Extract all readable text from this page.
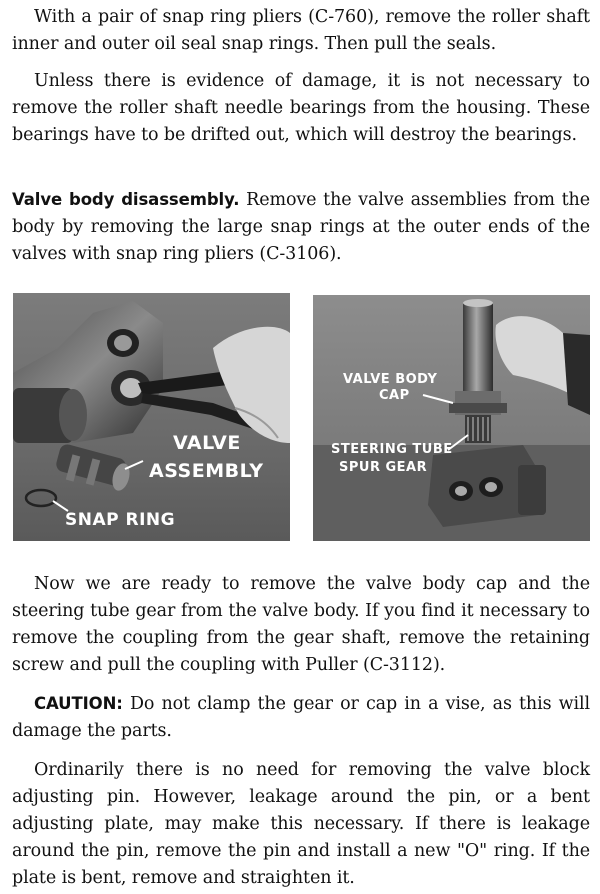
With a pair of snap ring pliers (C-760), remove the roller shaft inner and outer oil seal snap rings. Then pull the seals.

Unless there is evidence of damage, it is not necessary to remove the roller shaft needle bearings from the housing. These bearings have to be drifted out, which will destroy the bearings.

Valve body disassembly. Remove the valve assemblies from the body by removing the large snap rings at the outer ends of the valves with snap ring pliers (C-3106).

VALVE
ASSEMBLY
SNAP RING
VALVE BODY
CAP
STEERING TUBE
SPUR GEAR

Now we are ready to remove the valve body cap and the steering tube gear from the valve body. If you find it necessary to remove the coupling from the gear shaft, remove the retaining screw and pull the coupling with Puller (C-3112).

CAUTION: Do not clamp the gear or cap in a vise, as this will damage the parts.

Ordinarily there is no need for removing the valve block adjusting pin. However, leakage around the pin, or a bent adjusting plate, may make this necessary. If there is leakage around the pin, remove the pin and install a new "O" ring. If the plate is bent, remove and straighten it.
